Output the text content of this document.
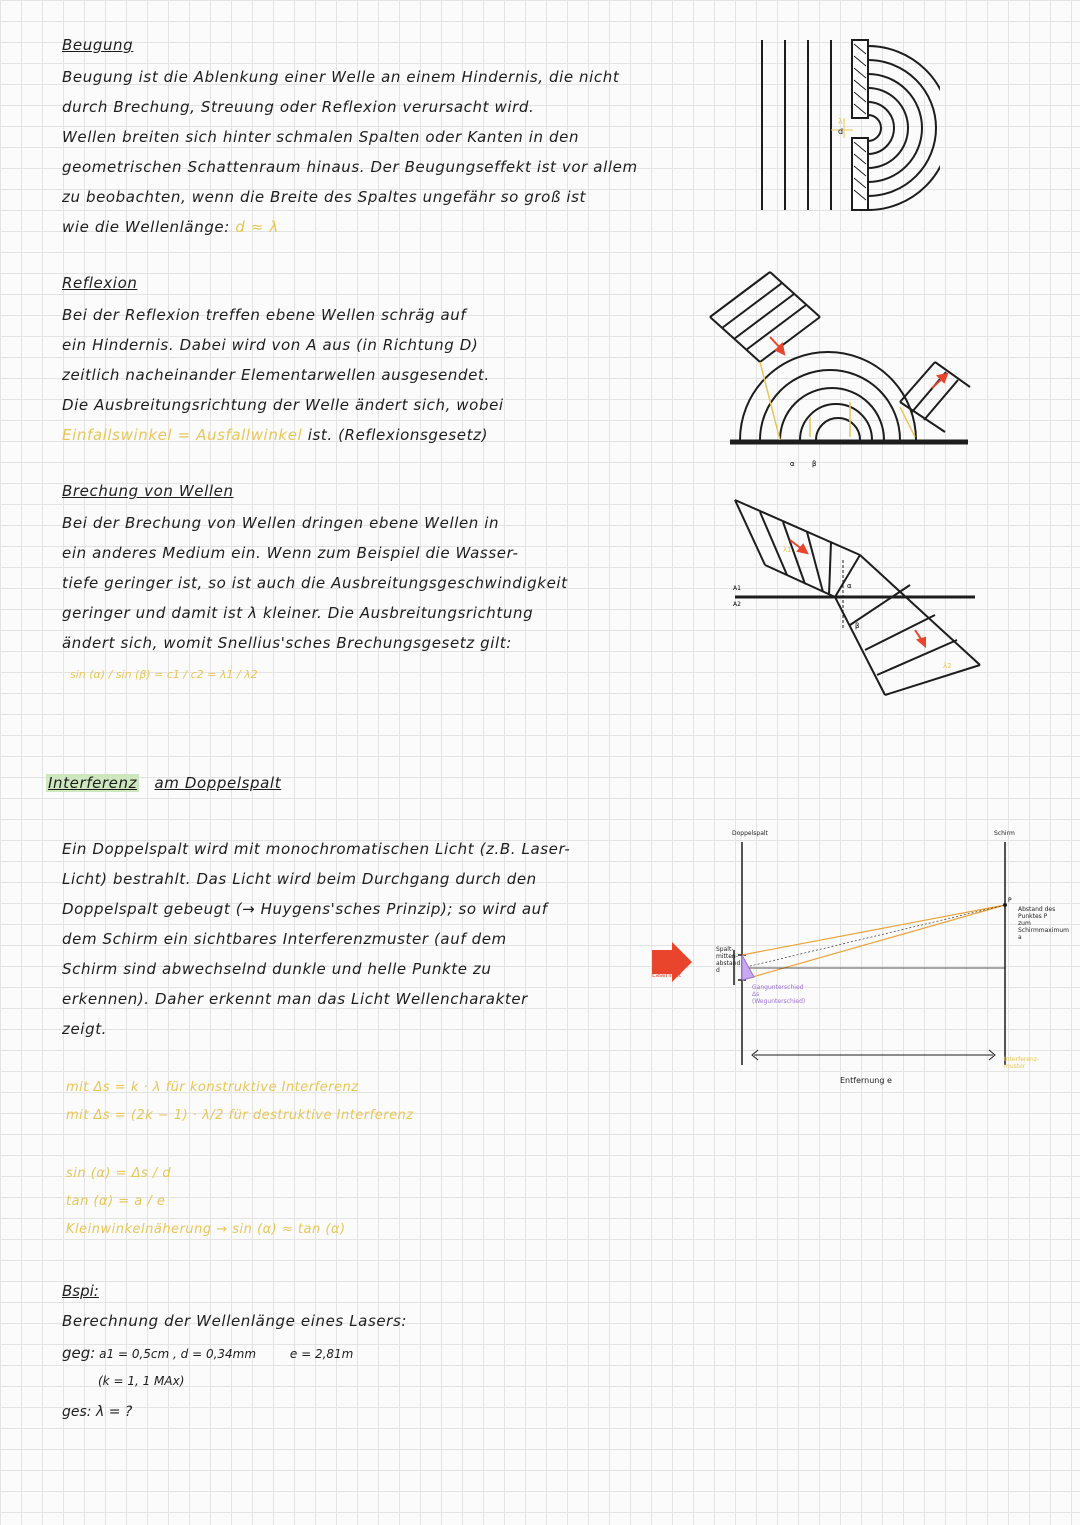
Beugung
Beugung ist die Ablenkung einer Welle an einem Hindernis, die nicht
durch Brechung, Streuung oder Reflexion verursacht wird.
Wellen breiten sich hinter schmalen Spalten oder Kanten in den
geometrischen Schattenraum hinaus. Der Beugungseffekt ist vor allem
zu beobachten, wenn die Breite des Spaltes ungefähr so groß ist
wie die Wellenlänge: d ≈ λ
λ
d
Reflexion
Bei der Reflexion treffen ebene Wellen schräg auf
ein Hindernis. Dabei wird von A aus (in Richtung D)
zeitlich nacheinander Elementarwellen ausgesendet.
Die Ausbreitungsrichtung der Welle ändert sich, wobei
Einfallswinkel = Ausfallwinkel ist. (Reflexionsgesetz)
α β
Brechung von Wellen
Bei der Brechung von Wellen dringen ebene Wellen in
ein anderes Medium ein. Wenn zum Beispiel die Wasser-
tiefe geringer ist, so ist auch die Ausbreitungsgeschwindigkeit
geringer und damit ist λ kleiner. Die Ausbreitungsrichtung
ändert sich, womit Snellius'sches Brechungsgesetz gilt:
sin (α) / sin (β) = c1 / c2 = λ1 / λ2
A1
A2
λ1
λ2
α
β
Interferenz am Doppelspalt
Ein Doppelspalt wird mit monochromatischen Licht (z.B. Laser-
Licht) bestrahlt. Das Licht wird beim Durchgang durch den
Doppelspalt gebeugt (→ Huygens'sches Prinzip); so wird auf
dem Schirm ein sichtbares Interferenzmuster (auf dem
Schirm sind abwechselnd dunkle und helle Punkte zu
erkennen). Daher erkennt man das Licht Wellencharakter
zeigt.
mit Δs = k · λ für konstruktive Interferenz
mit Δs = (2k − 1) · λ/2 für destruktive Interferenz
sin (α) = Δs / d
tan (α) = a / e
Kleinwinkelnäherung → sin (α) ≈ tan (α)
P
Doppelspalt	Schirm
Laserlicht
Spalt-mitten-abstand d
Gangunterschied Δs (Wegunterschied)
Abstand des Punktes P zum Schirmmaximum a
Interferenz-muster
Entfernung e
Bspi:
Berechnung der Wellenlänge eines Lasers:
geg: a1 = 0,5cm , d = 0,34mm	e = 2,81m
(k = 1, 1 MAx)
ges: λ = ?
